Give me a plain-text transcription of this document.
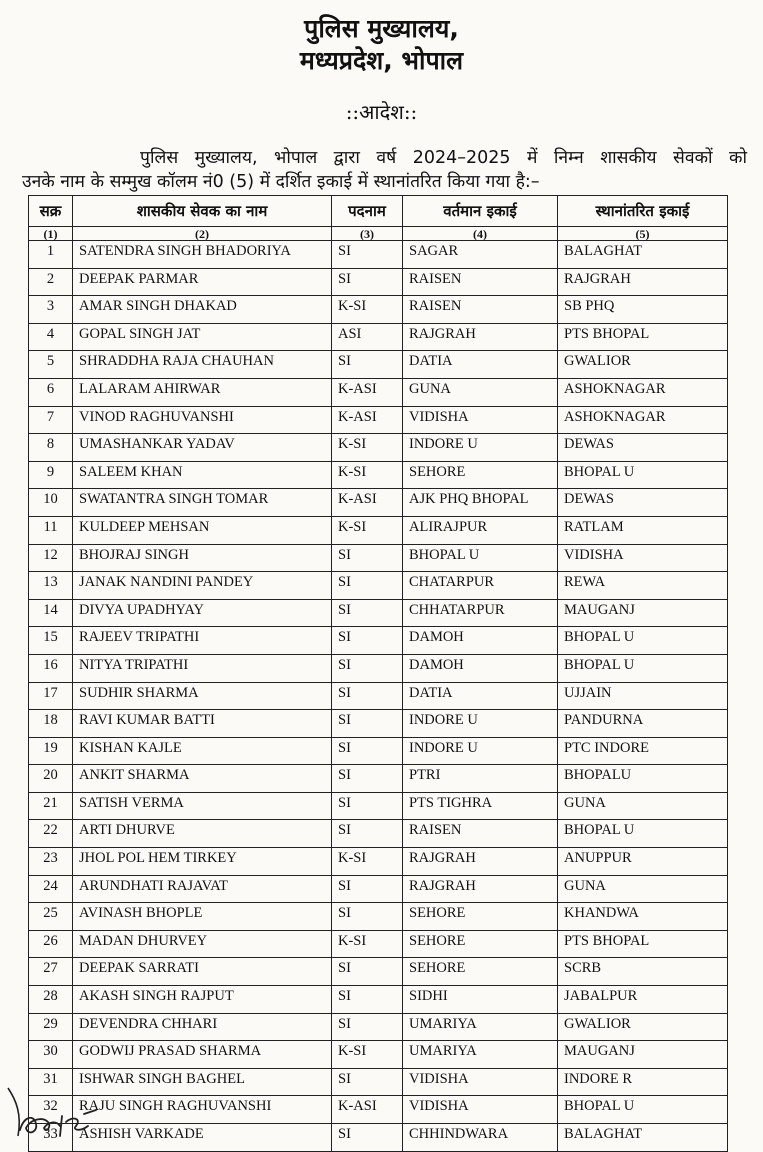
पुलिस मुख्यालय,
मध्यप्रदेश, भोपाल
::आदेश::
पुलिस मुख्यालय, भोपाल द्वारा वर्ष 2024–2025 में निम्न शासकीय सेवकों को
उनके नाम के सम्मुख कॉलम नं0 (5) में दर्शित इकाई में स्थानांतरित किया गया है:–
सक्र	शासकीय सेवक का नाम	पदनाम	वर्तमान इकाई	स्थानांतरित इकाई
(1)	(2)	(3)	(4)	(5)
1	SATENDRA SINGH BHADORIYA	SI	SAGAR	BALAGHAT
2	DEEPAK PARMAR	SI	RAISEN	RAJGRAH
3	AMAR SINGH DHAKAD	K-SI	RAISEN	SB PHQ
4	GOPAL SINGH JAT	ASI	RAJGRAH	PTS BHOPAL
5	SHRADDHA RAJA CHAUHAN	SI	DATIA	GWALIOR
6	LALARAM AHIRWAR	K-ASI	GUNA	ASHOKNAGAR
7	VINOD RAGHUVANSHI	K-ASI	VIDISHA	ASHOKNAGAR
8	UMASHANKAR YADAV	K-SI	INDORE U	DEWAS
9	SALEEM KHAN	K-SI	SEHORE	BHOPAL U
10	SWATANTRA SINGH TOMAR	K-ASI	AJK PHQ BHOPAL	DEWAS
11	KULDEEP MEHSAN	K-SI	ALIRAJPUR	RATLAM
12	BHOJRAJ SINGH	SI	BHOPAL U	VIDISHA
13	JANAK NANDINI PANDEY	SI	CHATARPUR	REWA
14	DIVYA UPADHYAY	SI	CHHATARPUR	MAUGANJ
15	RAJEEV TRIPATHI	SI	DAMOH	BHOPAL U
16	NITYA TRIPATHI	SI	DAMOH	BHOPAL U
17	SUDHIR SHARMA	SI	DATIA	UJJAIN
18	RAVI KUMAR BATTI	SI	INDORE U	PANDURNA
19	KISHAN KAJLE	SI	INDORE U	PTC INDORE
20	ANKIT SHARMA	SI	PTRI	BHOPALU
21	SATISH VERMA	SI	PTS TIGHRA	GUNA
22	ARTI DHURVE	SI	RAISEN	BHOPAL U
23	JHOL POL HEM TIRKEY	K-SI	RAJGRAH	ANUPPUR
24	ARUNDHATI RAJAVAT	SI	RAJGRAH	GUNA
25	AVINASH BHOPLE	SI	SEHORE	KHANDWA
26	MADAN DHURVEY	K-SI	SEHORE	PTS BHOPAL
27	DEEPAK SARRATI	SI	SEHORE	SCRB
28	AKASH SINGH RAJPUT	SI	SIDHI	JABALPUR
29	DEVENDRA CHHARI	SI	UMARIYA	GWALIOR
30	GODWIJ PRASAD SHARMA	K-SI	UMARIYA	MAUGANJ
31	ISHWAR SINGH BAGHEL	SI	VIDISHA	INDORE R
32	RAJU SINGH RAGHUVANSHI	K-ASI	VIDISHA	BHOPAL U
33	ASHISH VARKADE	SI	CHHINDWARA	BALAGHAT
